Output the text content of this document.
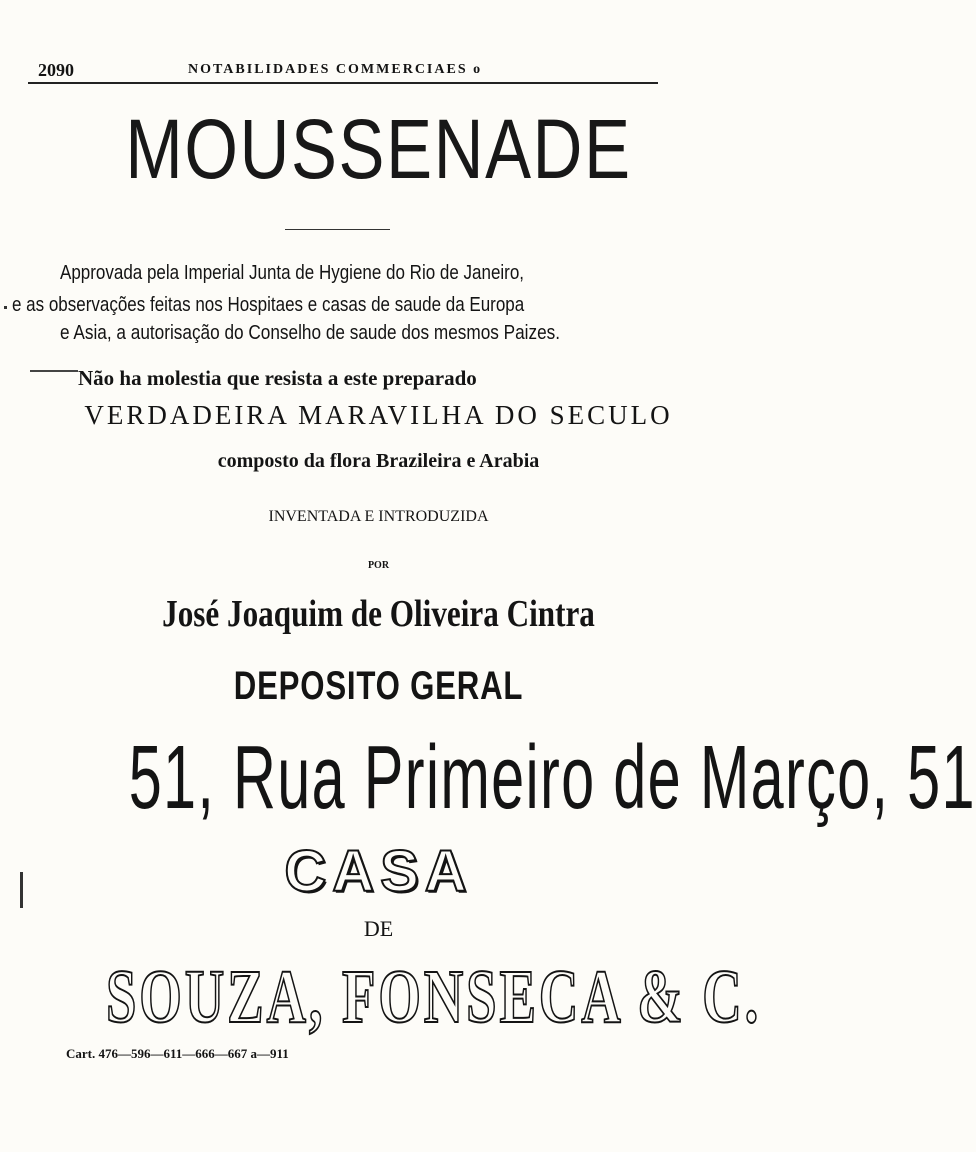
2090	NOTABILIDADES COMMERCIAES o
MOUSSENADE
Approvada pela Imperial Junta de Hygiene do Rio de Janeiro,
e as observações feitas nos Hospitaes e casas de saude da Europa
e Asia, a autorisação do Conselho de saude dos mesmos Paizes.
Não ha molestia que resista a este preparado
VERDADEIRA MARAVILHA DO SECULO
composto da flora Brazileira e Arabia
INVENTADA E INTRODUZIDA
POR
José Joaquim de Oliveira Cintra
DEPOSITO GERAL
51, Rua Primeiro de Março, 51
CASA
DE
SOUZA, FONSECA & C.
Cart. 476—596—611—666—667 a—911
